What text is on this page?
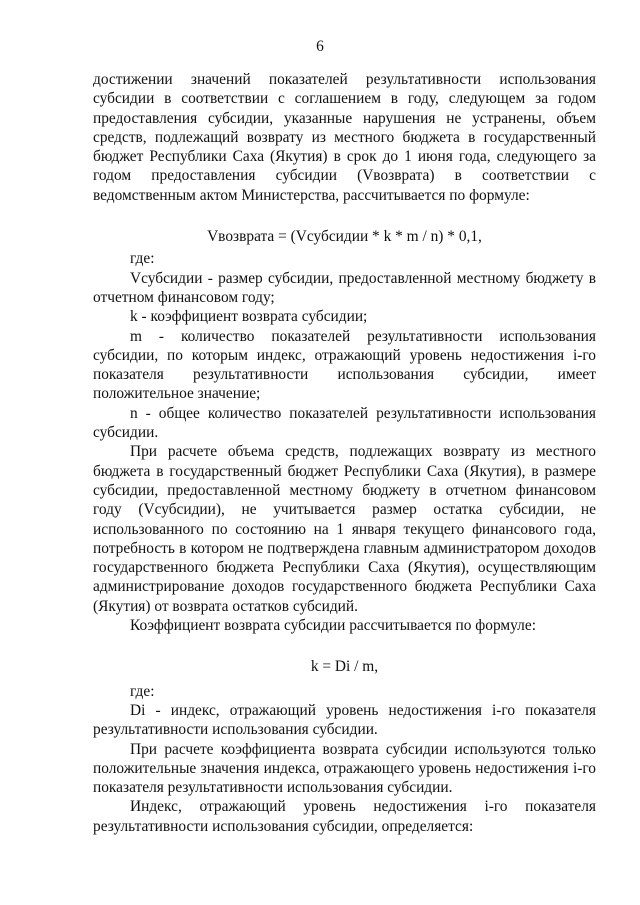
6

достижении значений показателей результативности использования субсидии в соответствии с соглашением в году, следующем за годом предоставления субсидии, указанные нарушения не устранены, объем средств, подлежащий возврату из местного бюджета в государственный бюджет Республики Саха (Якутия) в срок до 1 июня года, следующего за годом предоставления субсидии (Vвозврата) в соответствии с ведомственным актом Министерства, рассчитывается по формуле:

Vвозврата = (Vсубсидии * k * m / n) * 0,1,

где:

Vсубсидии - размер субсидии, предоставленной местному бюджету в отчетном финансовом году;

k - коэффициент возврата субсидии;

m - количество показателей результативности использования субсидии, по которым индекс, отражающий уровень недостижения i-го показателя результативности использования субсидии, имеет положительное значение;

n - общее количество показателей результативности использования субсидии.

При расчете объема средств, подлежащих возврату из местного бюджета в государственный бюджет Республики Саха (Якутия), в размере субсидии, предоставленной местному бюджету в отчетном финансовом году (Vсубсидии), не учитывается размер остатка субсидии, не использованного по состоянию на 1 января текущего финансового года, потребность в котором не подтверждена главным администратором доходов государственного бюджета Республики Саха (Якутия), осуществляющим администрирование доходов государственного бюджета Республики Саха (Якутия) от возврата остатков субсидий.

Коэффициент возврата субсидии рассчитывается по формуле:

k = Di / m,

где:

Di - индекс, отражающий уровень недостижения i-го показателя результативности использования субсидии.

При расчете коэффициента возврата субсидии используются только положительные значения индекса, отражающего уровень недостижения i-го показателя результативности использования субсидии.

Индекс, отражающий уровень недостижения i-го показателя результативности использования субсидии, определяется:
